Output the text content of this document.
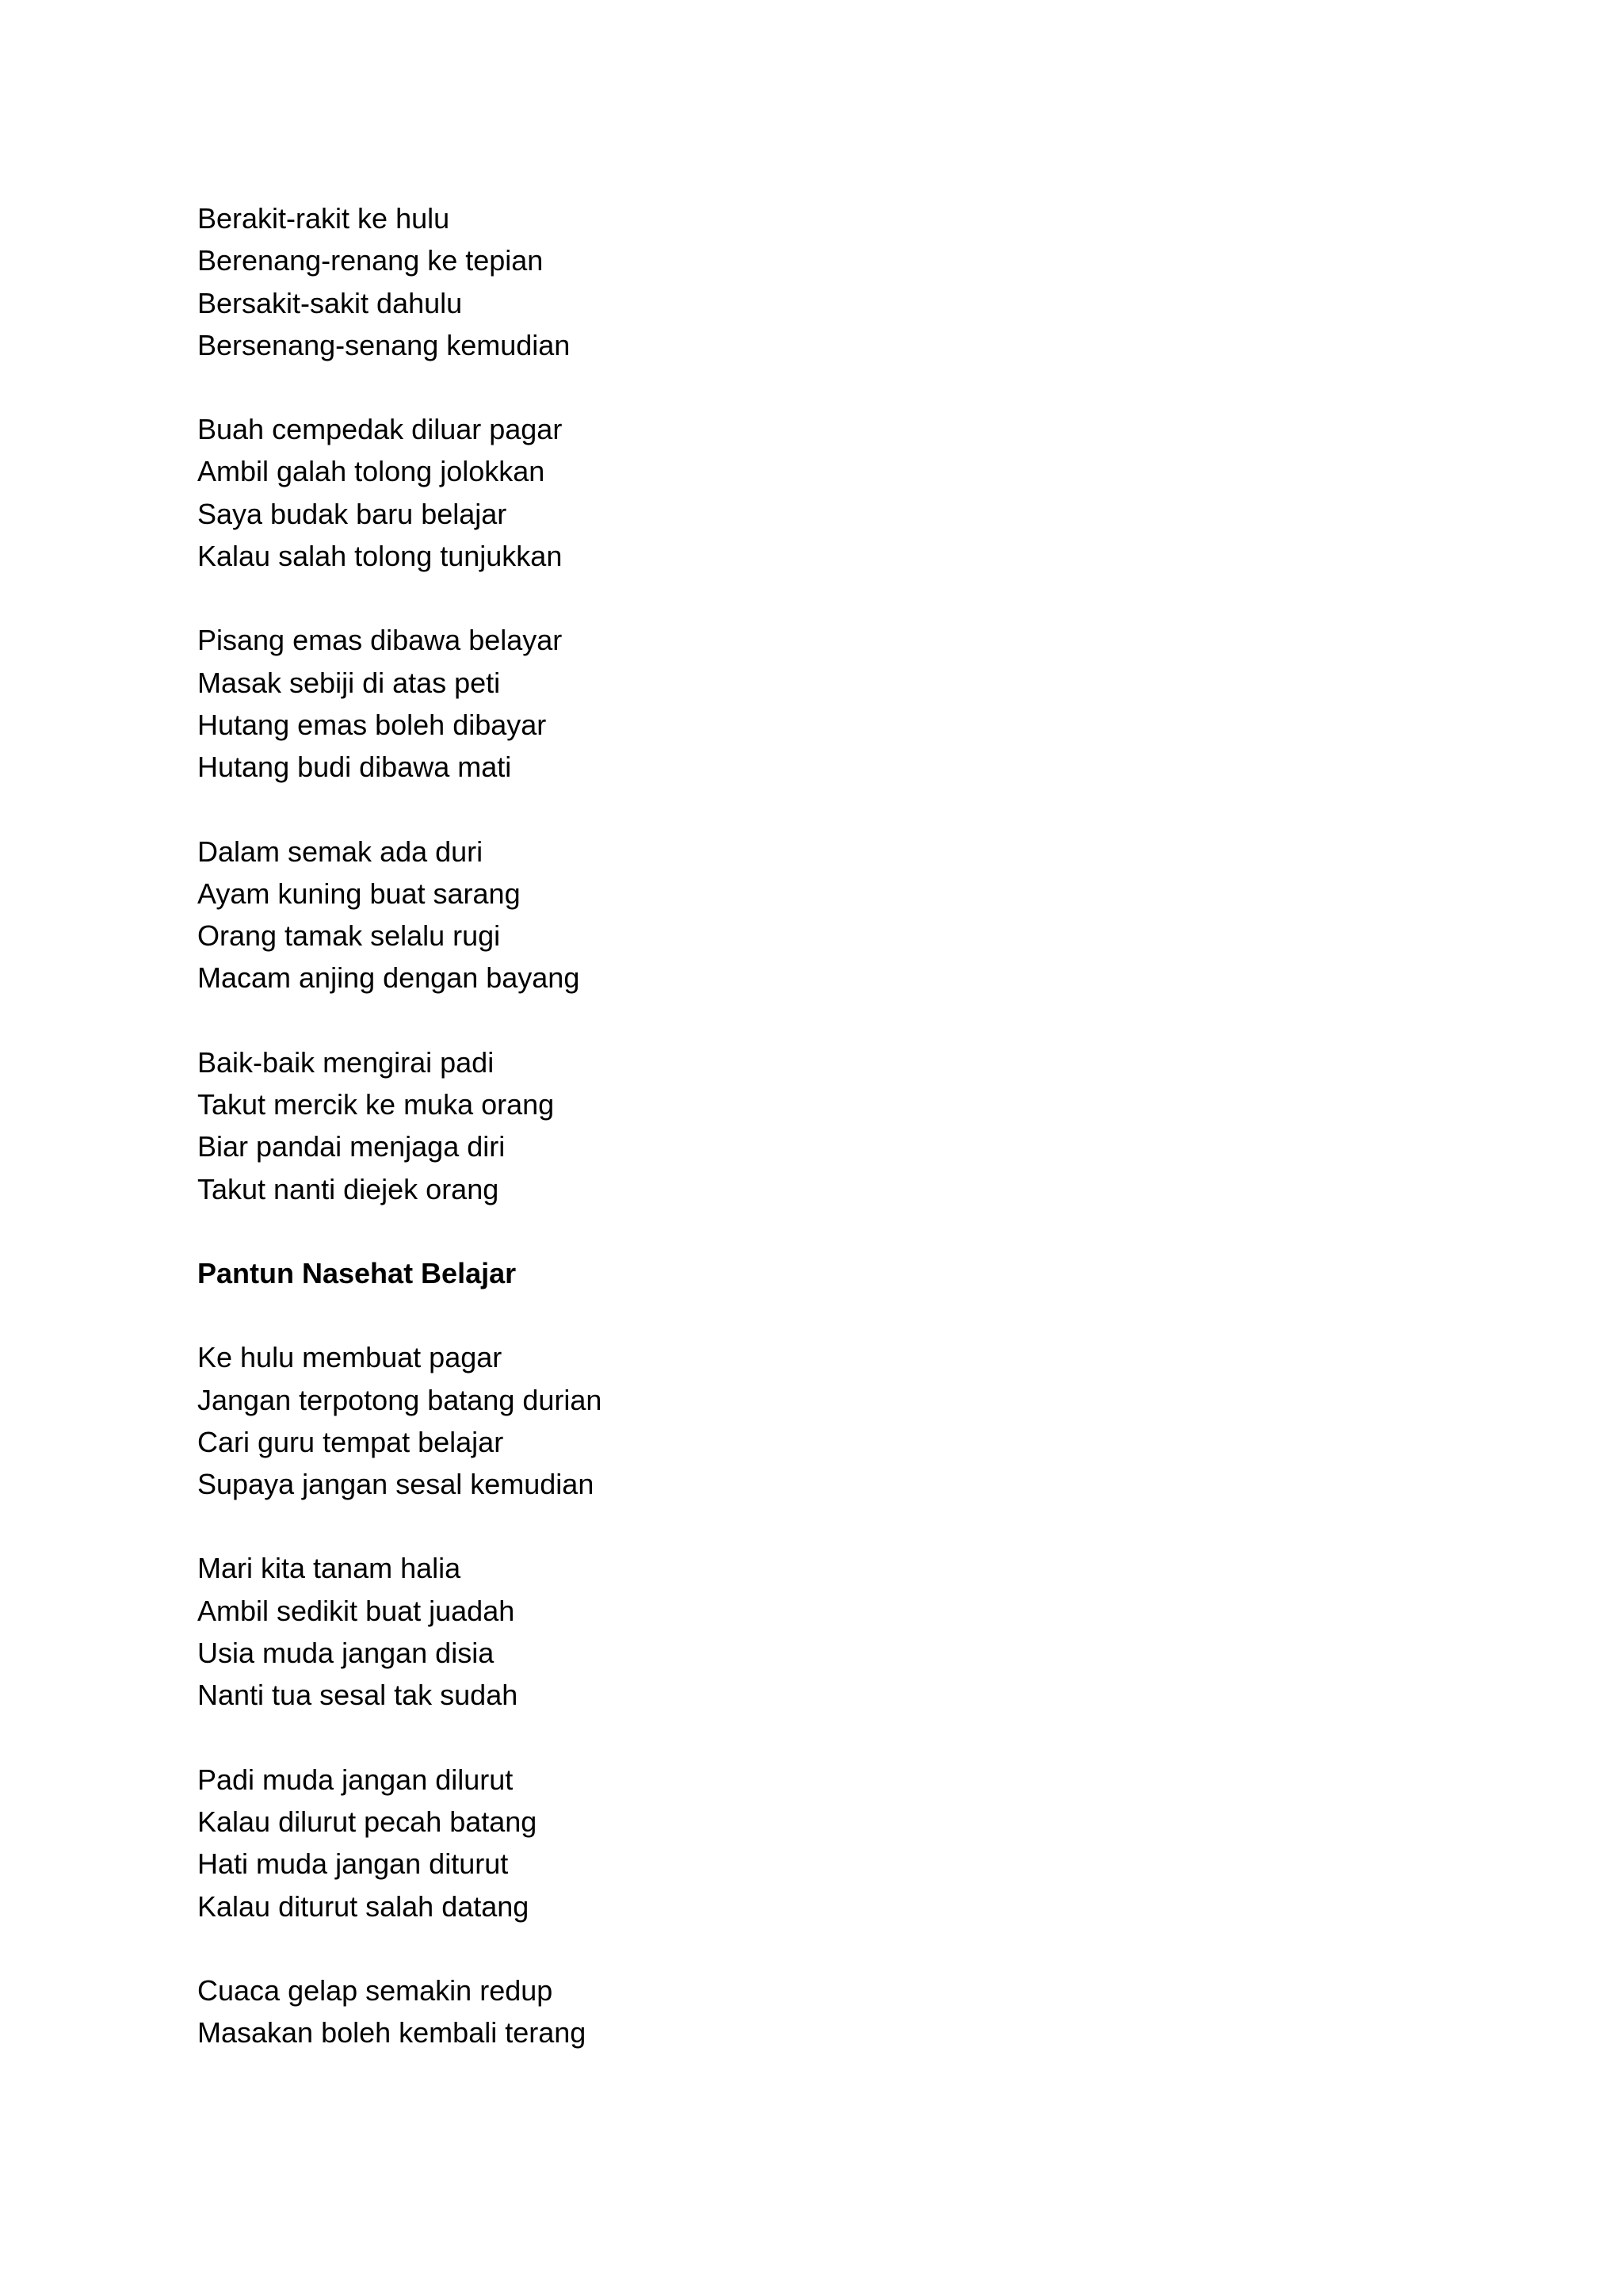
Berakit-rakit ke hulu
Berenang-renang ke tepian
Bersakit-sakit dahulu
Bersenang-senang kemudian
Buah cempedak diluar pagar
Ambil galah tolong jolokkan
Saya budak baru belajar
Kalau salah tolong tunjukkan
Pisang emas dibawa belayar
Masak sebiji di atas peti
Hutang emas boleh dibayar
Hutang budi dibawa mati
Dalam semak ada duri
Ayam kuning buat sarang
Orang tamak selalu rugi
Macam anjing dengan bayang
Baik-baik mengirai padi
Takut mercik ke muka orang
Biar pandai menjaga diri
Takut nanti diejek orang
Pantun Nasehat Belajar
Ke hulu membuat pagar
Jangan terpotong batang durian
Cari guru tempat belajar
Supaya jangan sesal kemudian
Mari kita tanam halia
Ambil sedikit buat juadah
Usia muda jangan disia
Nanti tua sesal tak sudah
Padi muda jangan dilurut
Kalau dilurut pecah batang
Hati muda jangan diturut
Kalau diturut salah datang
Cuaca gelap semakin redup
Masakan boleh kembali terang
